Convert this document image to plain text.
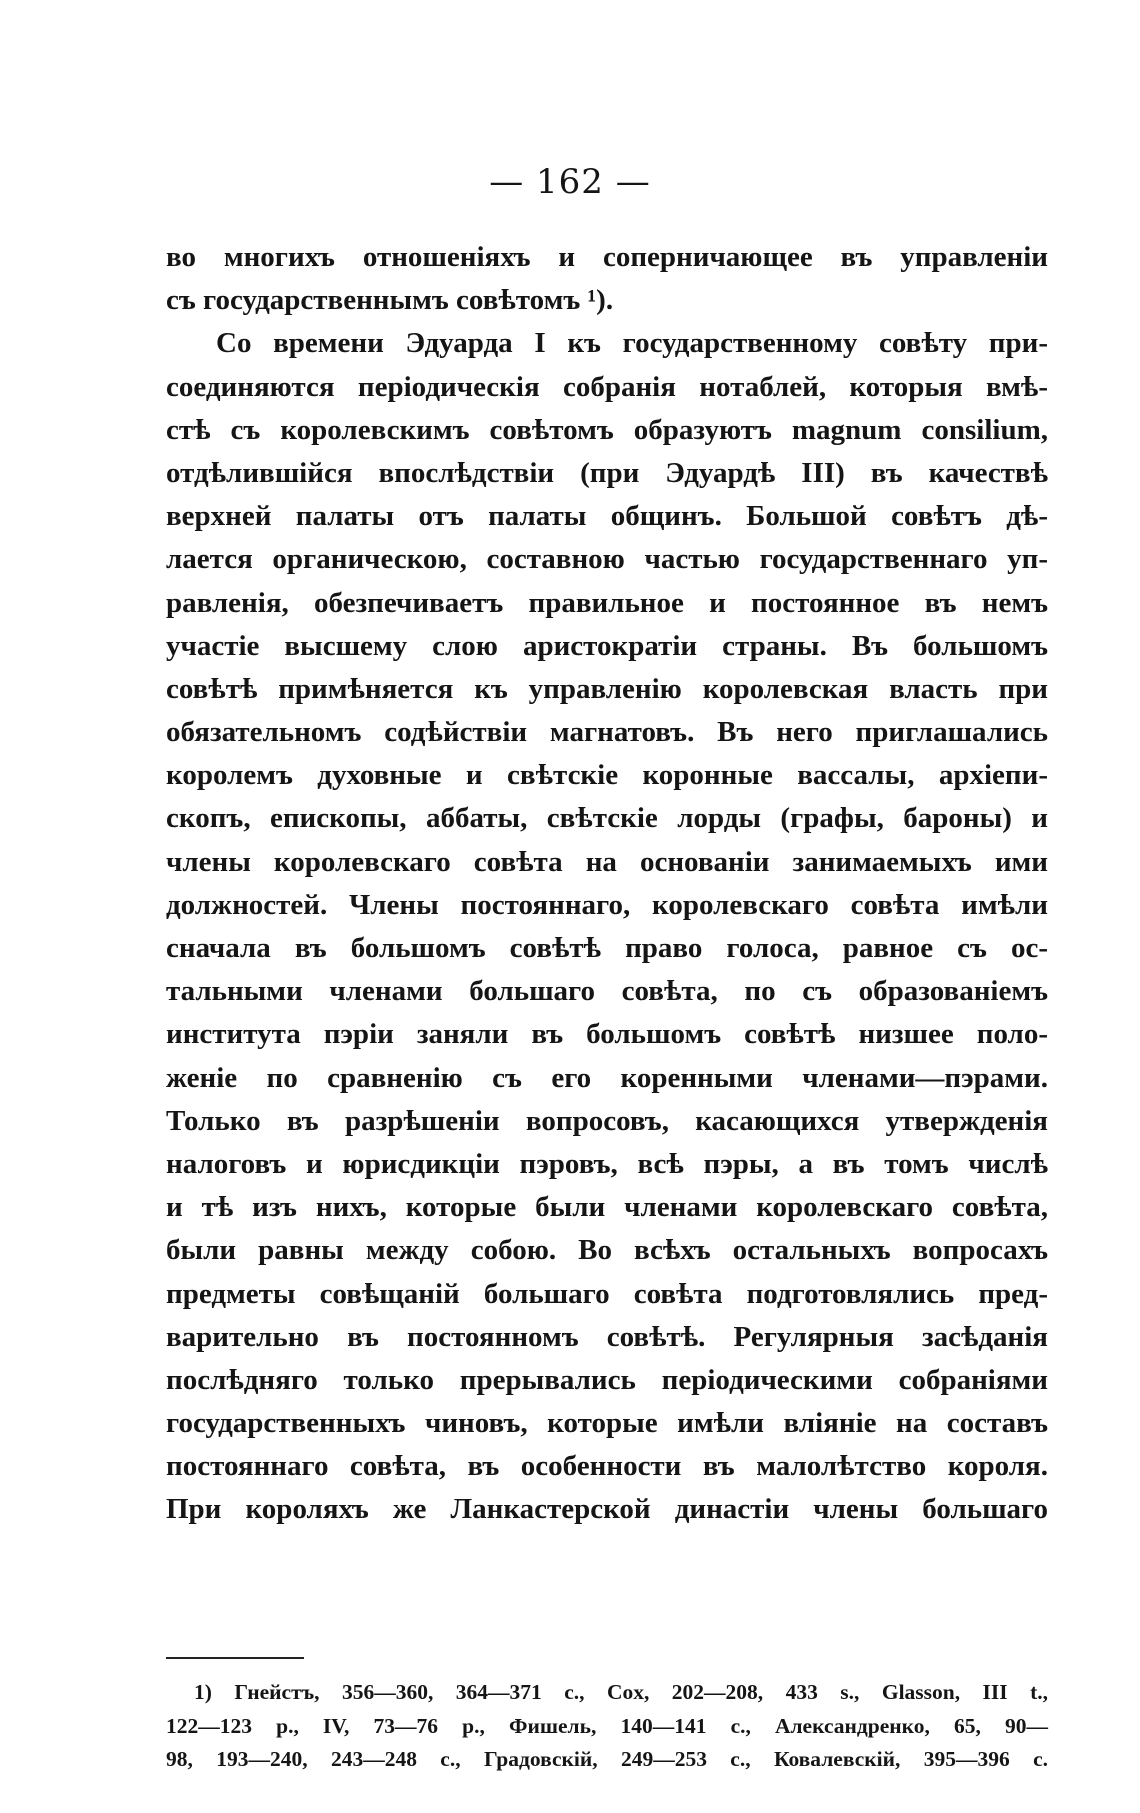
— 162 —
во многихъ отношеніяхъ и соперничающее въ управленіи
съ государственнымъ совѣтомъ ¹).
Со времени Эдуарда I къ государственному совѣту при-
соединяются періодическія собранія нотаблей, которыя вмѣ-
стѣ съ королевскимъ совѣтомъ образуютъ magnum consilium,
отдѣлившійся впослѣдствіи (при Эдуардѣ III) въ качествѣ
верхней палаты отъ палаты общинъ. Большой совѣтъ дѣ-
лается органическою, составною частью государственнаго уп-
равленія, обезпечиваетъ правильное и постоянное въ немъ
участіе высшему слою аристократіи страны. Въ большомъ
совѣтѣ примѣняется къ управленію королевская власть при
обязательномъ содѣйствіи магнатовъ. Въ него приглашались
королемъ духовные и свѣтскіе коронные вассалы, архіепи-
скопъ, епископы, аббаты, свѣтскіе лорды (графы, бароны) и
члены королевскаго совѣта на основаніи занимаемыхъ ими
должностей. Члены постояннаго, королевскаго совѣта имѣли
сначала въ большомъ совѣтѣ право голоса, равное съ ос-
тальными членами большаго совѣта, по съ образованіемъ
института пэріи заняли въ большомъ совѣтѣ низшее поло-
женіе по сравненію съ его коренными членами—пэрами.
Только въ разрѣшеніи вопросовъ, касающихся утвержденія
налоговъ и юрисдикціи пэровъ, всѣ пэры, а въ томъ числѣ
и тѣ изъ нихъ, которые были членами королевскаго совѣта,
были равны между собою. Во всѣхъ остальныхъ вопросахъ
предметы совѣщаній большаго совѣта подготовлялись пред-
варительно въ постоянномъ совѣтѣ. Регулярныя засѣданія
послѣдняго только прерывались періодическими собраніями
государственныхъ чиновъ, которые имѣли вліяніе на составъ
постояннаго совѣта, въ особенности въ малолѣтство короля.
При короляхъ же Ланкастерской династіи члены большаго
1) Гнейстъ, 356—360, 364—371 с., Cox, 202—208, 433 s., Glasson, III t.,
122—123 р., IV, 73—76 р., Фишель, 140—141 с., Александренко, 65, 90—
98, 193—240, 243—248 с., Градовскій, 249—253 с., Ковалевскій, 395—396 с.
